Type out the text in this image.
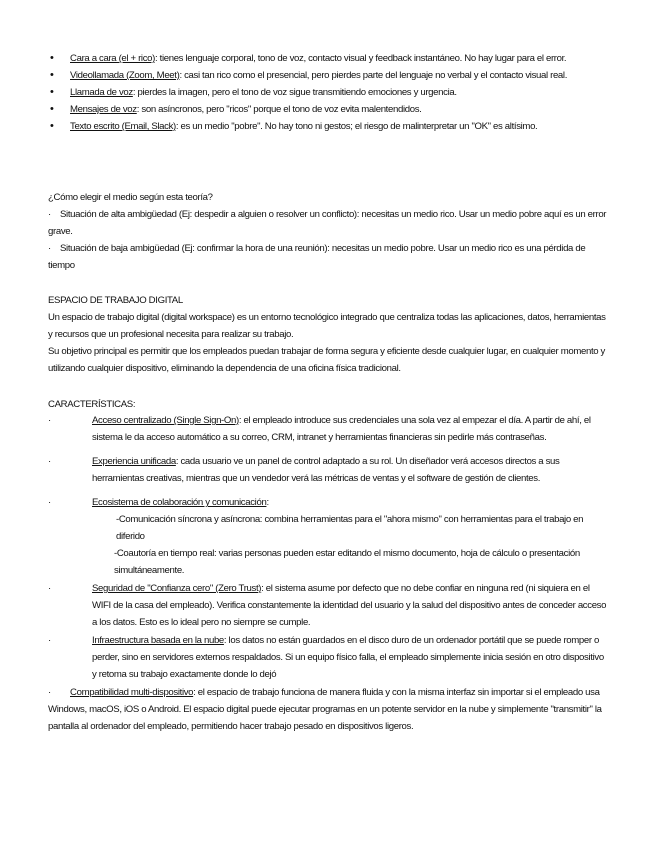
• Cara a cara (el + rico): tienes lenguaje corporal, tono de voz, contacto visual y feedback instantáneo. No hay lugar para el error.
• Videollamada (Zoom, Meet): casi tan rico como el presencial, pero pierdes parte del lenguaje no verbal y el contacto visual real.
• Llamada de voz: pierdes la imagen, pero el tono de voz sigue transmitiendo emociones y urgencia.
• Mensajes de voz: son asíncronos, pero "ricos" porque el tono de voz evita malentendidos.
• Texto escrito (Email, Slack): es un medio "pobre". No hay tono ni gestos; el riesgo de malinterpretar un "OK" es altísimo.

¿Cómo elegir el medio según esta teoría?

· Situación de alta ambigüedad (Ej: despedir a alguien o resolver un conflicto): necesitas un medio rico. Usar un medio pobre aquí es un error grave.

· Situación de baja ambigüedad (Ej: confirmar la hora de una reunión): necesitas un medio pobre. Usar un medio rico es una pérdida de tiempo

ESPACIO DE TRABAJO DIGITAL

Un espacio de trabajo digital (digital workspace) es un entorno tecnológico integrado que centraliza todas las aplicaciones, datos, herramientas y recursos que un profesional necesita para realizar su trabajo.

Su objetivo principal es permitir que los empleados puedan trabajar de forma segura y eficiente desde cualquier lugar, en cualquier momento y utilizando cualquier dispositivo, eliminando la dependencia de una oficina física tradicional.

CARACTERÍSTICAS:
·	Acceso centralizado (Single Sign-On): el empleado introduce sus credenciales una sola vez al empezar el día. A partir de ahí, el sistema le da acceso automático a su correo, CRM, intranet y herramientas financieras sin pedirle más contraseñas.
·	Experiencia unificada: cada usuario ve un panel de control adaptado a su rol. Un diseñador verá accesos directos a sus herramientas creativas, mientras que un vendedor verá las métricas de ventas y el software de gestión de clientes.
·	Ecosistema de colaboración y comunicación:
-Comunicación síncrona y asíncrona: combina herramientas para el "ahora mismo" con herramientas para el trabajo en diferido
-Coautoría en tiempo real: varias personas pueden estar editando el mismo documento, hoja de cálculo o presentación simultáneamente.
·	Seguridad de "Confianza cero" (Zero Trust): el sistema asume por defecto que no debe confiar en ninguna red (ni siquiera en el WIFI de la casa del empleado). Verifica constantemente la identidad del usuario y la salud del dispositivo antes de conceder acceso a los datos. Esto es lo ideal pero no siempre se cumple.
·	Infraestructura basada en la nube: los datos no están guardados en el disco duro de un ordenador portátil que se puede romper o perder, sino en servidores externos respaldados. Si un equipo físico falla, el empleado simplemente inicia sesión en otro dispositivo y retoma su trabajo exactamente donde lo dejó
· Compatibilidad multi-dispositivo: el espacio de trabajo funciona de manera fluida y con la misma interfaz sin importar si el empleado usa Windows, macOS, iOS o Android. El espacio digital puede ejecutar programas en un potente servidor en la nube y simplemente "transmitir" la pantalla al ordenador del empleado, permitiendo hacer trabajo pesado en dispositivos ligeros.
